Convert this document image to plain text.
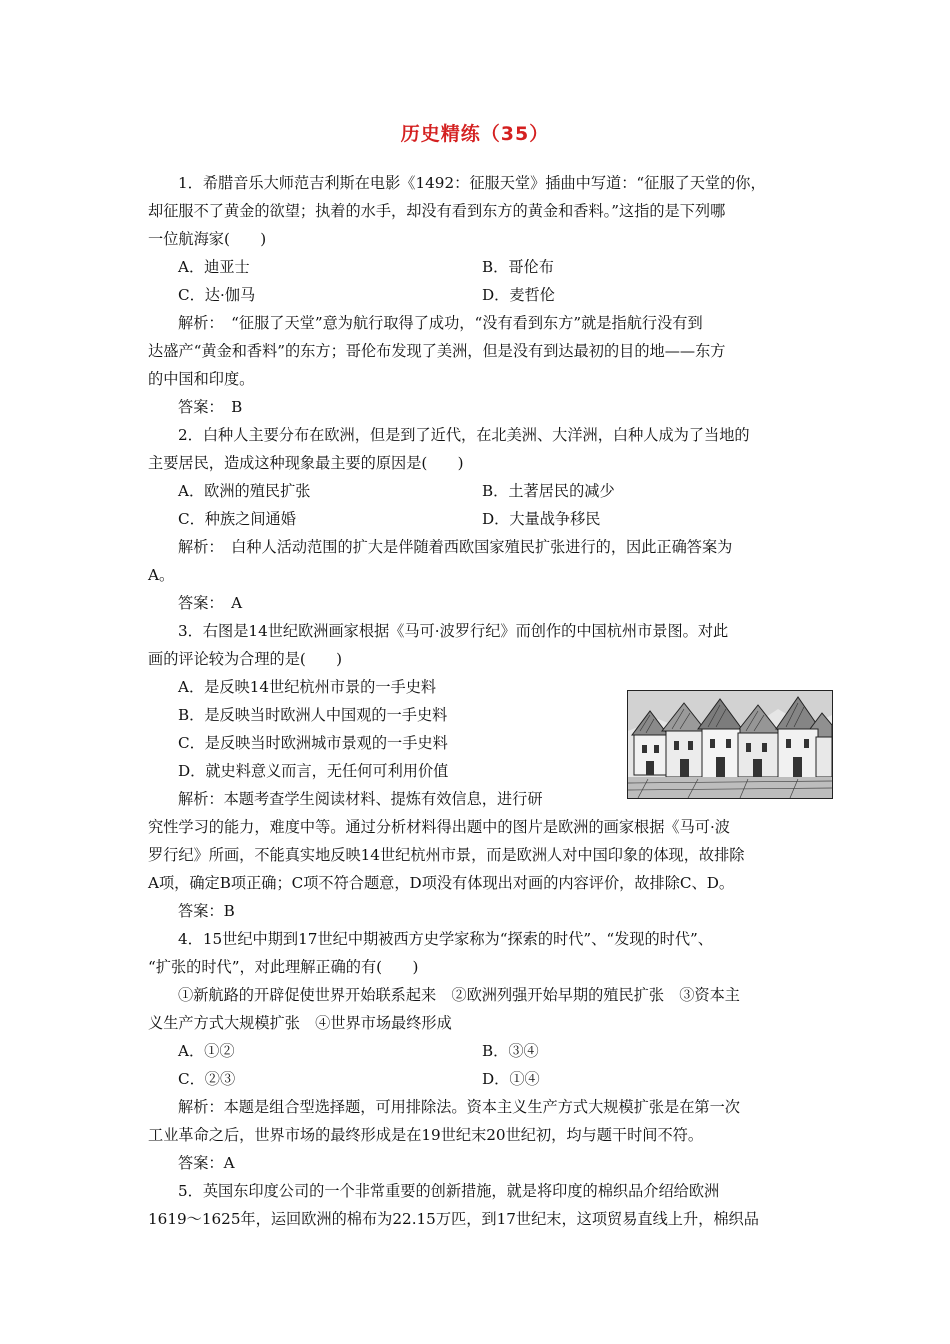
历史精练（35）
1．希腊音乐大师范吉利斯在电影《1492：征服天堂》插曲中写道：“征服了天堂的你，
却征服不了黄金的欲望；执着的水手，却没有看到东方的黄金和香料。”这指的是下列哪
一位航海家(　　)
A．迪亚士	B．哥伦布
C．达·伽马	D．麦哲伦
解析：　“征服了天堂”意为航行取得了成功，“没有看到东方”就是指航行没有到
达盛产“黄金和香料”的东方；哥伦布发现了美洲，但是没有到达最初的目的地——东方
的中国和印度。
答案：　B
2．白种人主要分布在欧洲，但是到了近代，在北美洲、大洋洲，白种人成为了当地的
主要居民，造成这种现象最主要的原因是(　　)
A．欧洲的殖民扩张	B．土著居民的减少
C．种族之间通婚	D．大量战争移民
解析：　白种人活动范围的扩大是伴随着西欧国家殖民扩张进行的，因此正确答案为
A。
答案：　A
3．右图是14世纪欧洲画家根据《马可·波罗行纪》而创作的中国杭州市景图。对此
画的评论较为合理的是(　　)
A．是反映14世纪杭州市景的一手史料
B．是反映当时欧洲人中国观的一手史料
C．是反映当时欧洲城市景观的一手史料
D．就史料意义而言，无任何可利用价值
解析：本题考查学生阅读材料、提炼有效信息，进行研
究性学习的能力，难度中等。通过分析材料得出题中的图片是欧洲的画家根据《马可·波
罗行纪》所画，不能真实地反映14世纪杭州市景，而是欧洲人对中国印象的体现，故排除
A项，确定B项正确；C项不符合题意，D项没有体现出对画的内容评价，故排除C、D。
答案：B
4．15世纪中期到17世纪中期被西方史学家称为“探索的时代”、“发现的时代”、
“扩张的时代”，对此理解正确的有(　　)
①新航路的开辟促使世界开始联系起来　②欧洲列强开始早期的殖民扩张　③资本主
义生产方式大规模扩张　④世界市场最终形成
A．①②	B．③④
C．②③	D．①④
解析：本题是组合型选择题，可用排除法。资本主义生产方式大规模扩张是在第一次
工业革命之后，世界市场的最终形成是在19世纪末20世纪初，均与题干时间不符。
答案：A
5．英国东印度公司的一个非常重要的创新措施，就是将印度的棉织品介绍给欧洲
1619～1625年，运回欧洲的棉布为22.15万匹，到17世纪末，这项贸易直线上升，棉织品
